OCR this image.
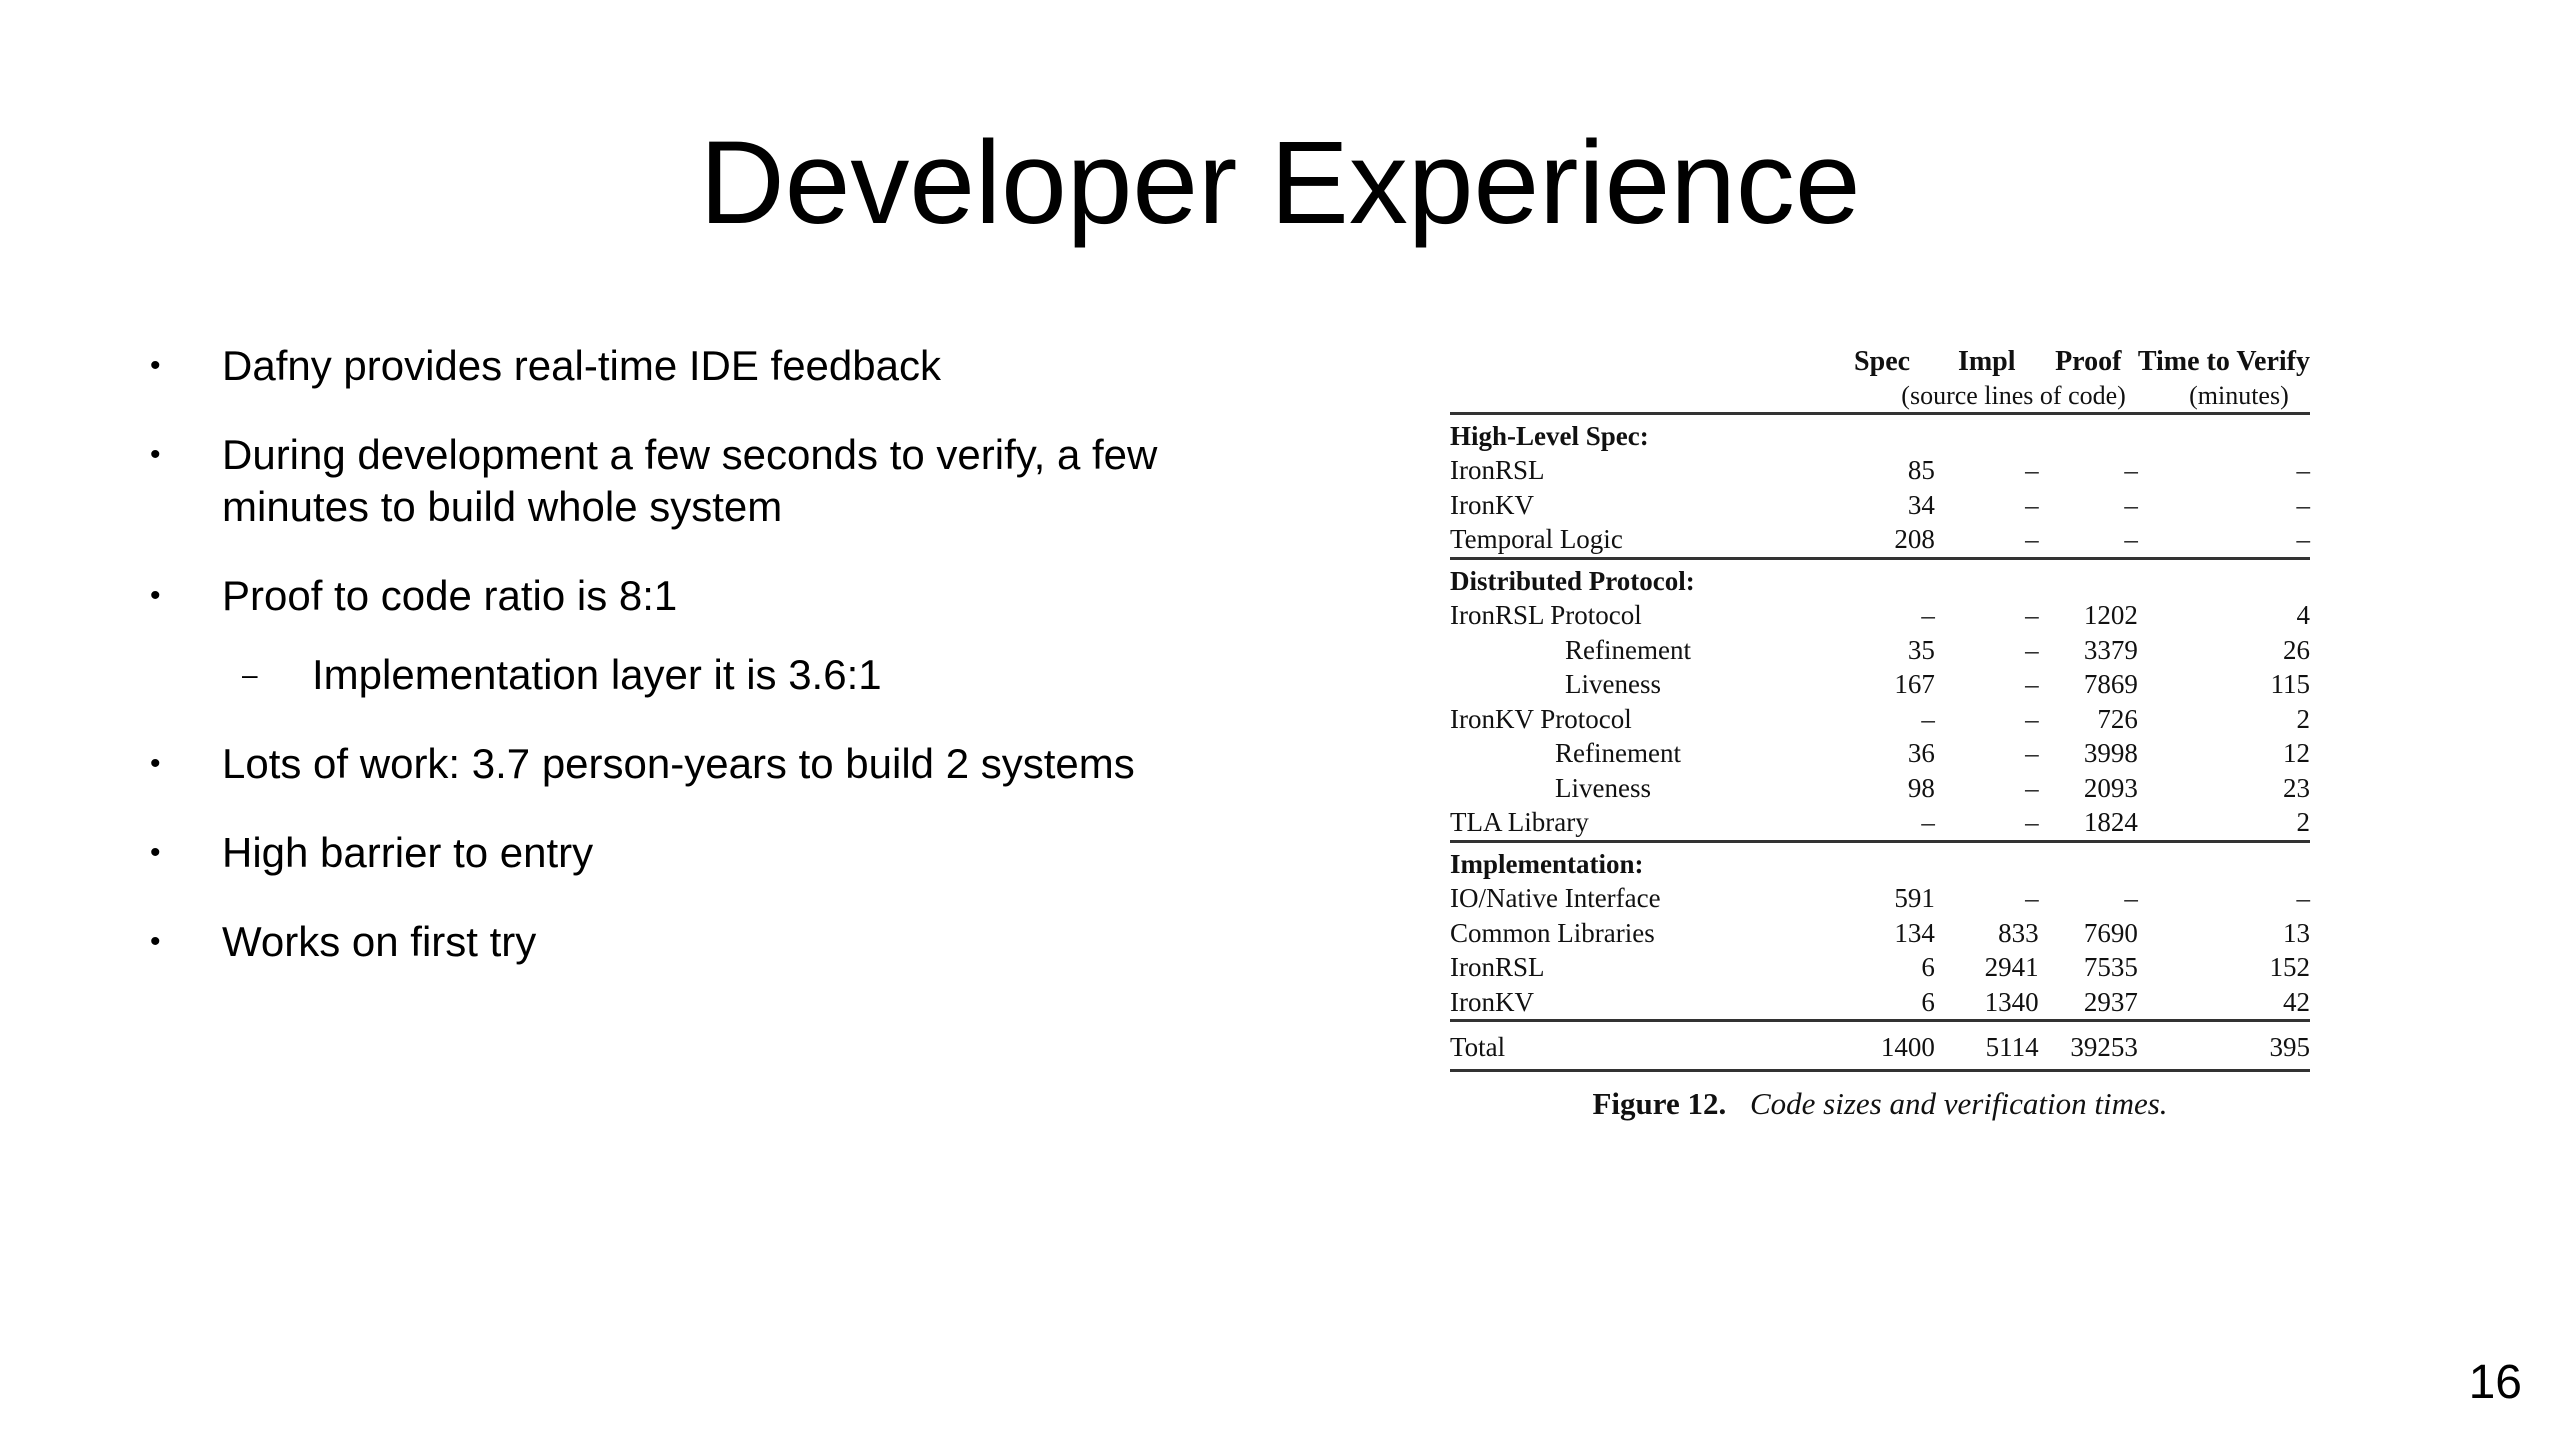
Developer Experience
• Dafny provides real-time IDE feedback
• During development a few seconds to verify, a few minutes to build whole system
• Proof to code ratio is 8:1
– Implementation layer it is 3.6:1
• Lots of work: 3.7 person-years to build 2 systems
• High barrier to entry
• Works on first try
	Spec	Impl	Proof	Time to Verify
	(source lines of code)			(minutes)
High-Level Spec:				
IronRSL	85	–	–	–
IronKV	34	–	–	–
Temporal Logic	208	–	–	–
Distributed Protocol:				
IronRSL Protocol	–	–	1202	4
Refinement	35	–	3379	26
Liveness	167	–	7869	115
IronKV Protocol	–	–	726	2
Refinement	36	–	3998	12
Liveness	98	–	2093	23
TLA Library	–	–	1824	2
Implementation:				
IO/Native Interface	591	–	–	–
Common Libraries	134	833	7690	13
IronRSL	6	2941	7535	152
IronKV	6	1340	2937	42
Total	1400	5114	39253	395
Figure 12. Code sizes and verification times.
16
